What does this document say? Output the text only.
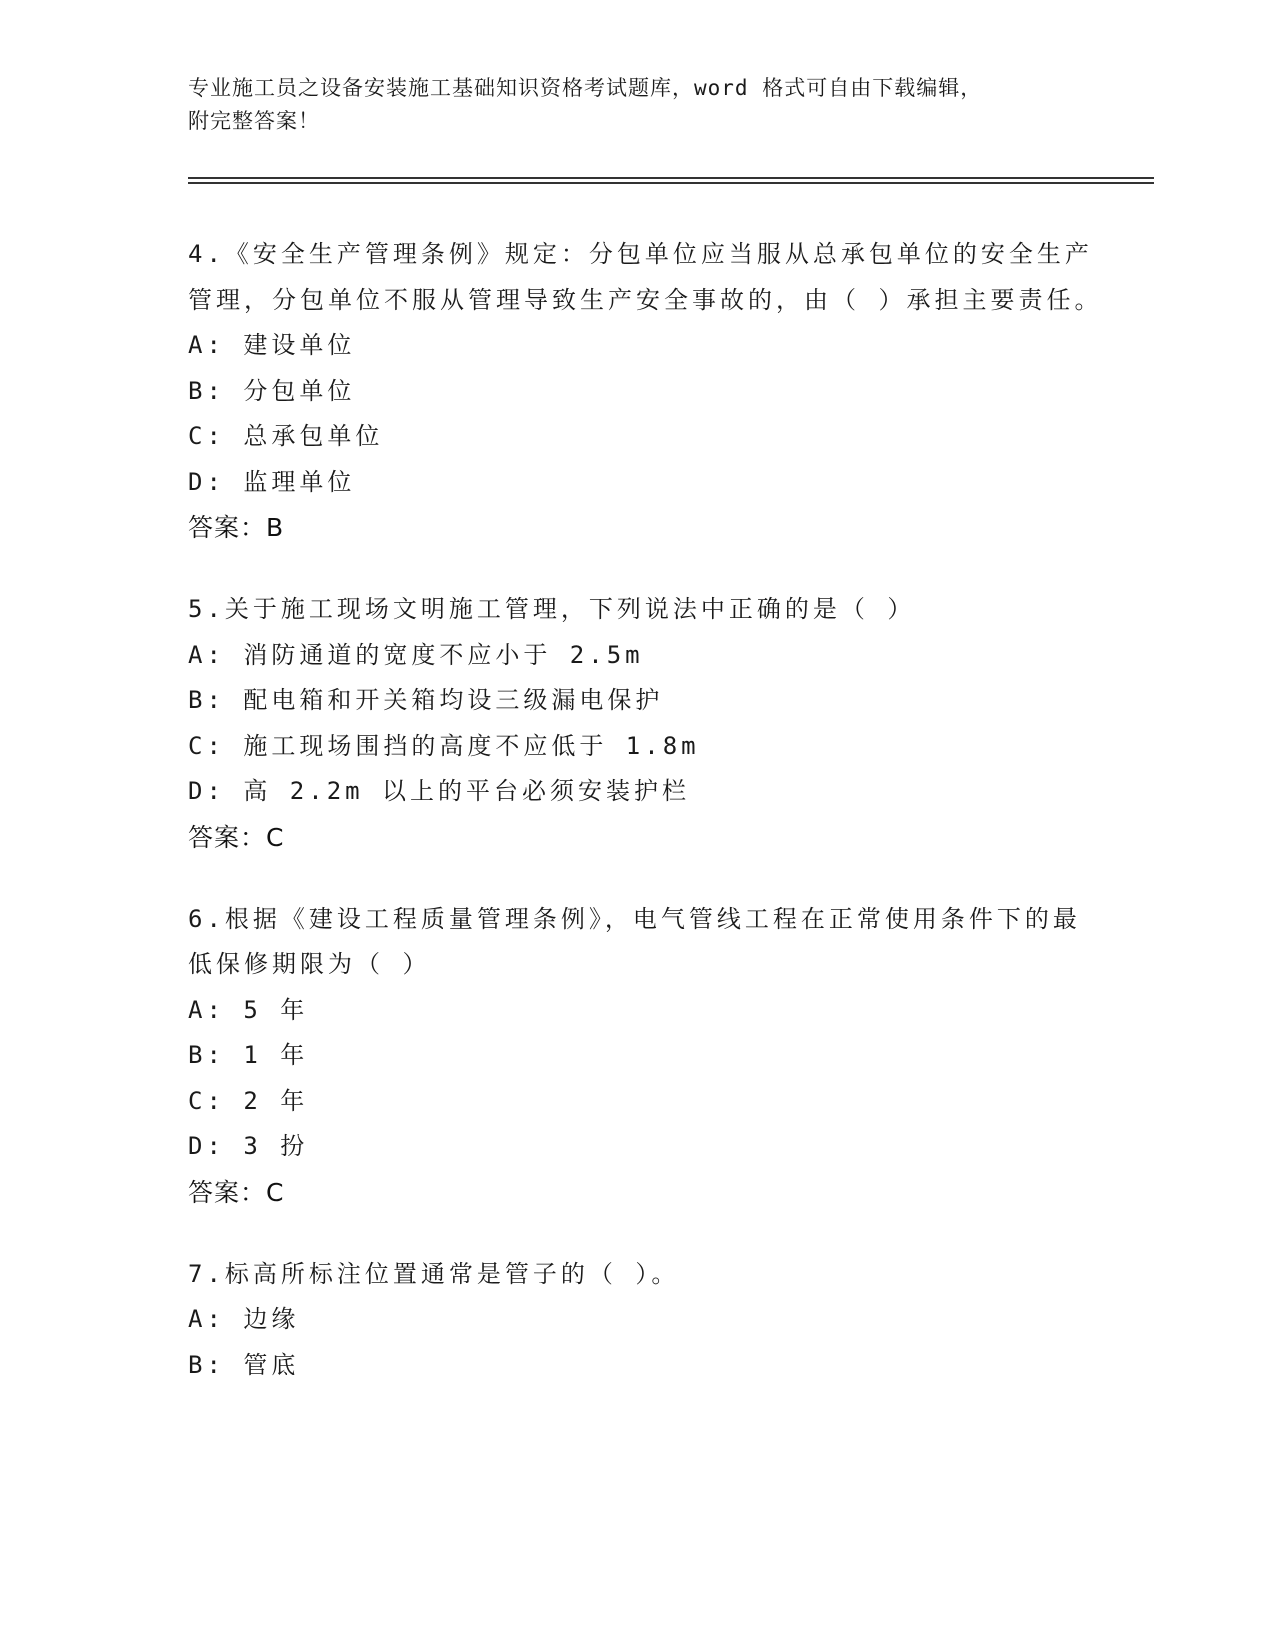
专业施工员之设备安装施工基础知识资格考试题库，word 格式可自由下载编辑，
附完整答案！
4.《安全生产管理条例》规定：分包单位应当服从总承包单位的安全生产管理，分包单位不服从管理导致生产安全事故的，由（ ）承担主要责任。
A: 建设单位
B: 分包单位
C: 总承包单位
D: 监理单位
答案：B
5.关于施工现场文明施工管理，下列说法中正确的是（ ）
A: 消防通道的宽度不应小于 2.5m
B: 配电箱和开关箱均设三级漏电保护
C: 施工现场围挡的高度不应低于 1.8m
D: 高 2.2m 以上的平台必须安装护栏
答案：C
6.根据《建设工程质量管理条例》，电气管线工程在正常使用条件下的最低保修期限为（ ）
A: 5 年
B: 1 年
C: 2 年
D: 3 扮
答案：C
7.标高所标注位置通常是管子的（ ）。
A: 边缘
B: 管底
